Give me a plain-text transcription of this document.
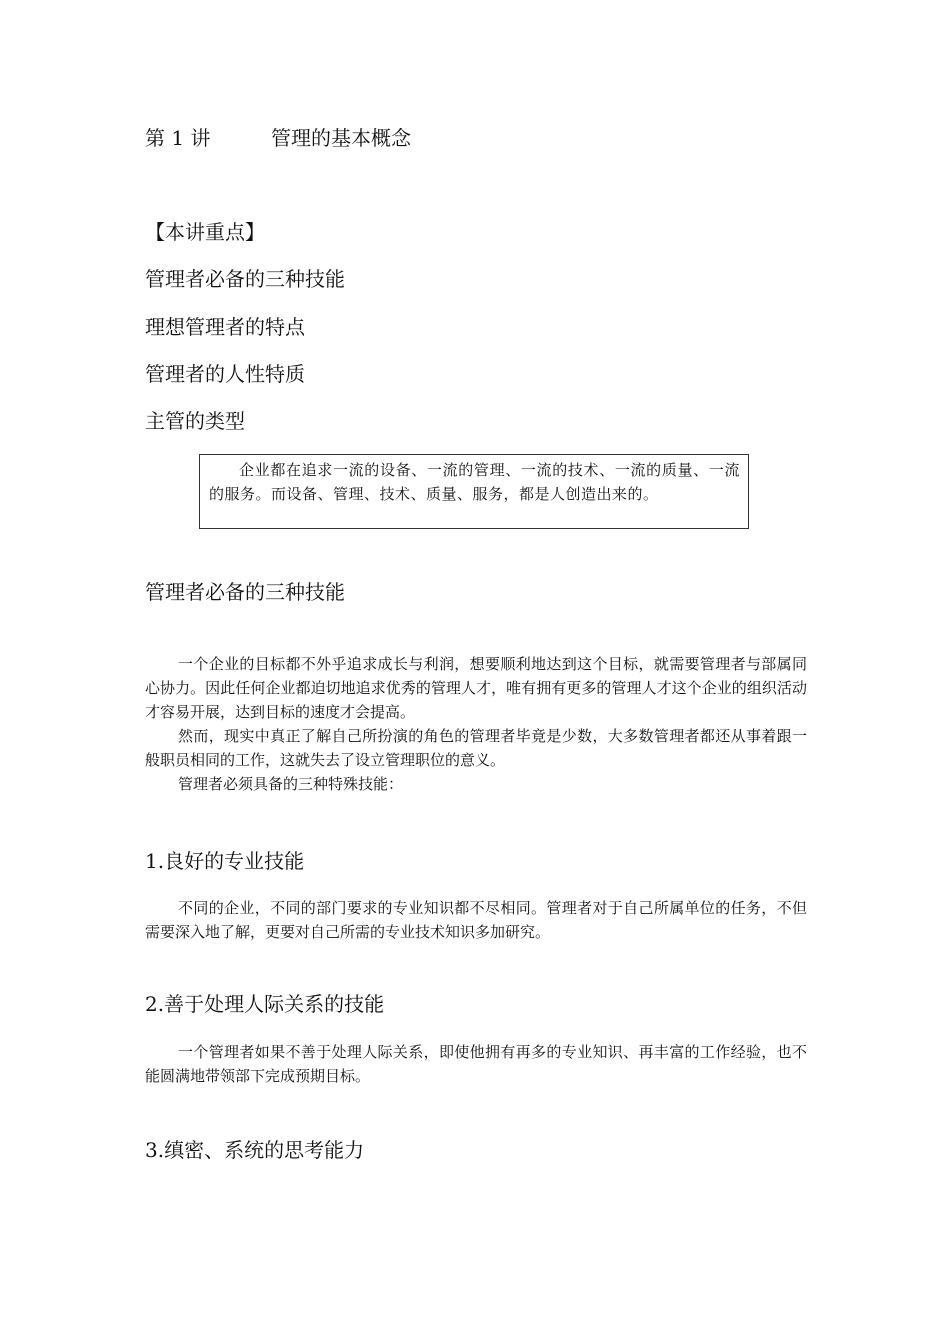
第 1 讲	管理的基本概念
【本讲重点】
管理者必备的三种技能
理想管理者的特点
管理者的人性特质
主管的类型

企业都在追求一流的设备、一流的管理、一流的技术、一流的质量、一流的服务。而设备、管理、技术、质量、服务，都是人创造出来的。

管理者必备的三种技能

一个企业的目标都不外乎追求成长与利润，想要顺利地达到这个目标，就需要管理者与部属同心协力。因此任何企业都迫切地追求优秀的管理人才，唯有拥有更多的管理人才这个企业的组织活动才容易开展，达到目标的速度才会提高。

然而，现实中真正了解自己所扮演的角色的管理者毕竟是少数，大多数管理者都还从事着跟一般职员相同的工作，这就失去了设立管理职位的意义。

管理者必须具备的三种特殊技能：

1.良好的专业技能

不同的企业，不同的部门要求的专业知识都不尽相同。管理者对于自己所属单位的任务，不但需要深入地了解，更要对自己所需的专业技术知识多加研究。

2.善于处理人际关系的技能

一个管理者如果不善于处理人际关系，即使他拥有再多的专业知识、再丰富的工作经验，也不能圆满地带领部下完成预期目标。

3.缜密、系统的思考能力
